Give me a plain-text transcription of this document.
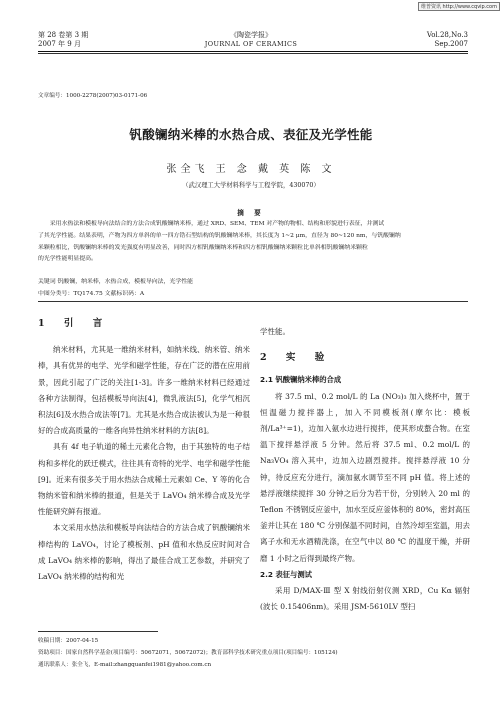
维普资讯 http://www.cqvip.com
第 28 卷第 3 期
2007 年 9 月
《陶瓷学报》
JOURNAL OF CERAMICS
Vol.28,No.3
Sep.2007
文章编号：1000-2278(2007)03-0171-06
钒酸镧纳米棒的水热合成、表征及光学性能
张全飞 王 念 戴 英 陈 文
（武汉理工大学材料科学与工程学院，430070）
摘 要
采用水热法和模板导向法结合的方法合成钒酸镧纳米棒，通过 XRD、SEM、TEM 对产物的物相、结构和形貌进行表征，并测试
了其光学性能。结果表明，产物为四方单斜的单一四方锆石型结构的钒酸镧纳米棒，其长度为 1~2 μm，直径为 80~120 nm，与钒酸镧纳
米颗粒相比，钒酸镧纳米棒的发光强度有明显改善，同时四方相钒酸镧纳米棒和四方相钒酸镧纳米颗粒比单斜相钒酸镧纳米颗粒
的光学性能明显提高。
关键词 钒酸镧，纳米棒，水热合成，模板导向法，光学性能
中图分类号：TQ174.75 文献标识码：A
1 引 言

纳米材料，尤其是一维纳米材料，如纳米线、纳米管、纳米棒，具有优异的电学、光学和磁学性能，存在广泛的潜在应用前景，因此引起了广泛的关注[1-3]。许多一维纳米材料已经通过各种方法制得，包括模板导向法[4]，微乳液法[5]，化学气相沉积法[6]及水热合成法等[7]。尤其是水热合成法被认为是一种很好的合成高质量的一维各向异性纳米材料的方法[8]。

具有 4f 电子轨道的稀土元素化合物，由于其独特的电子结构和多样化的跃迁模式，往往具有奇特的光学、电学和磁学性能[9]。近来有很多关于用水热法合成稀土元素如 Ce、Y 等的化合物纳米管和纳米棒的报道，但是关于 LaVO₄ 纳米棒合成及光学性能研究鲜有报道。

本文采用水热法和模板导向法结合的方法合成了钒酸镧纳米棒结构的 LaVO₄，讨论了模板剂、pH 值和水热反应时间对合成 LaVO₄ 纳米棒的影响，得出了最佳合成工艺参数，并研究了 LaVO₄ 纳米棒的结构和光

学性能。

2 实 验
2.1 钒酸镧纳米棒的合成

将 37.5 ml、0.2 mol/L 的 La (NO₃)₃ 加入烧杯中，置于恒温磁力搅拌器上，加入不同模板剂(摩尔比：模板剂/La³⁺=1)，边加入氨水边进行搅拌，使其形成螯合物。在室温下搅拌悬浮液 5 分钟。然后将 37.5 ml、0.2 mol/L 的 Na₃VO₄ 溶入其中，边加入边剧烈搅拌。搅拌悬浮液 10 分钟，待反应充分进行，滴加氨水调节至不同 pH 值。将上述的悬浮液继续搅拌 30 分钟之后分为若干份，分别转入 20 ml 的 Teflon 不锈钢反应釜中，加水至反应釜体积的 80%，密封高压釜并让其在 180 ℃ 分别保温不同时间，自然冷却至室温，用去离子水和无水酒精洗涤，在空气中以 80 ℃ 的温度干燥，并研磨 1 小时之后得到最终产物。

2.2 表征与测试

采用 D/MAX-Ⅲ 型 X 射线衍射仪测 XRD，Cu Kα 辐射(波长 0.15406nm)。采用 JSM-5610LV 型扫

收稿日期：2007-04-15
资助项目：国家自然科学基金(项目编号：50672071，50672072)；教育部科学技术研究重点项目(项目编号：105124)
通讯联系人：张全飞，E-mail:zhangquanfei1981@yahoo.com.cn
